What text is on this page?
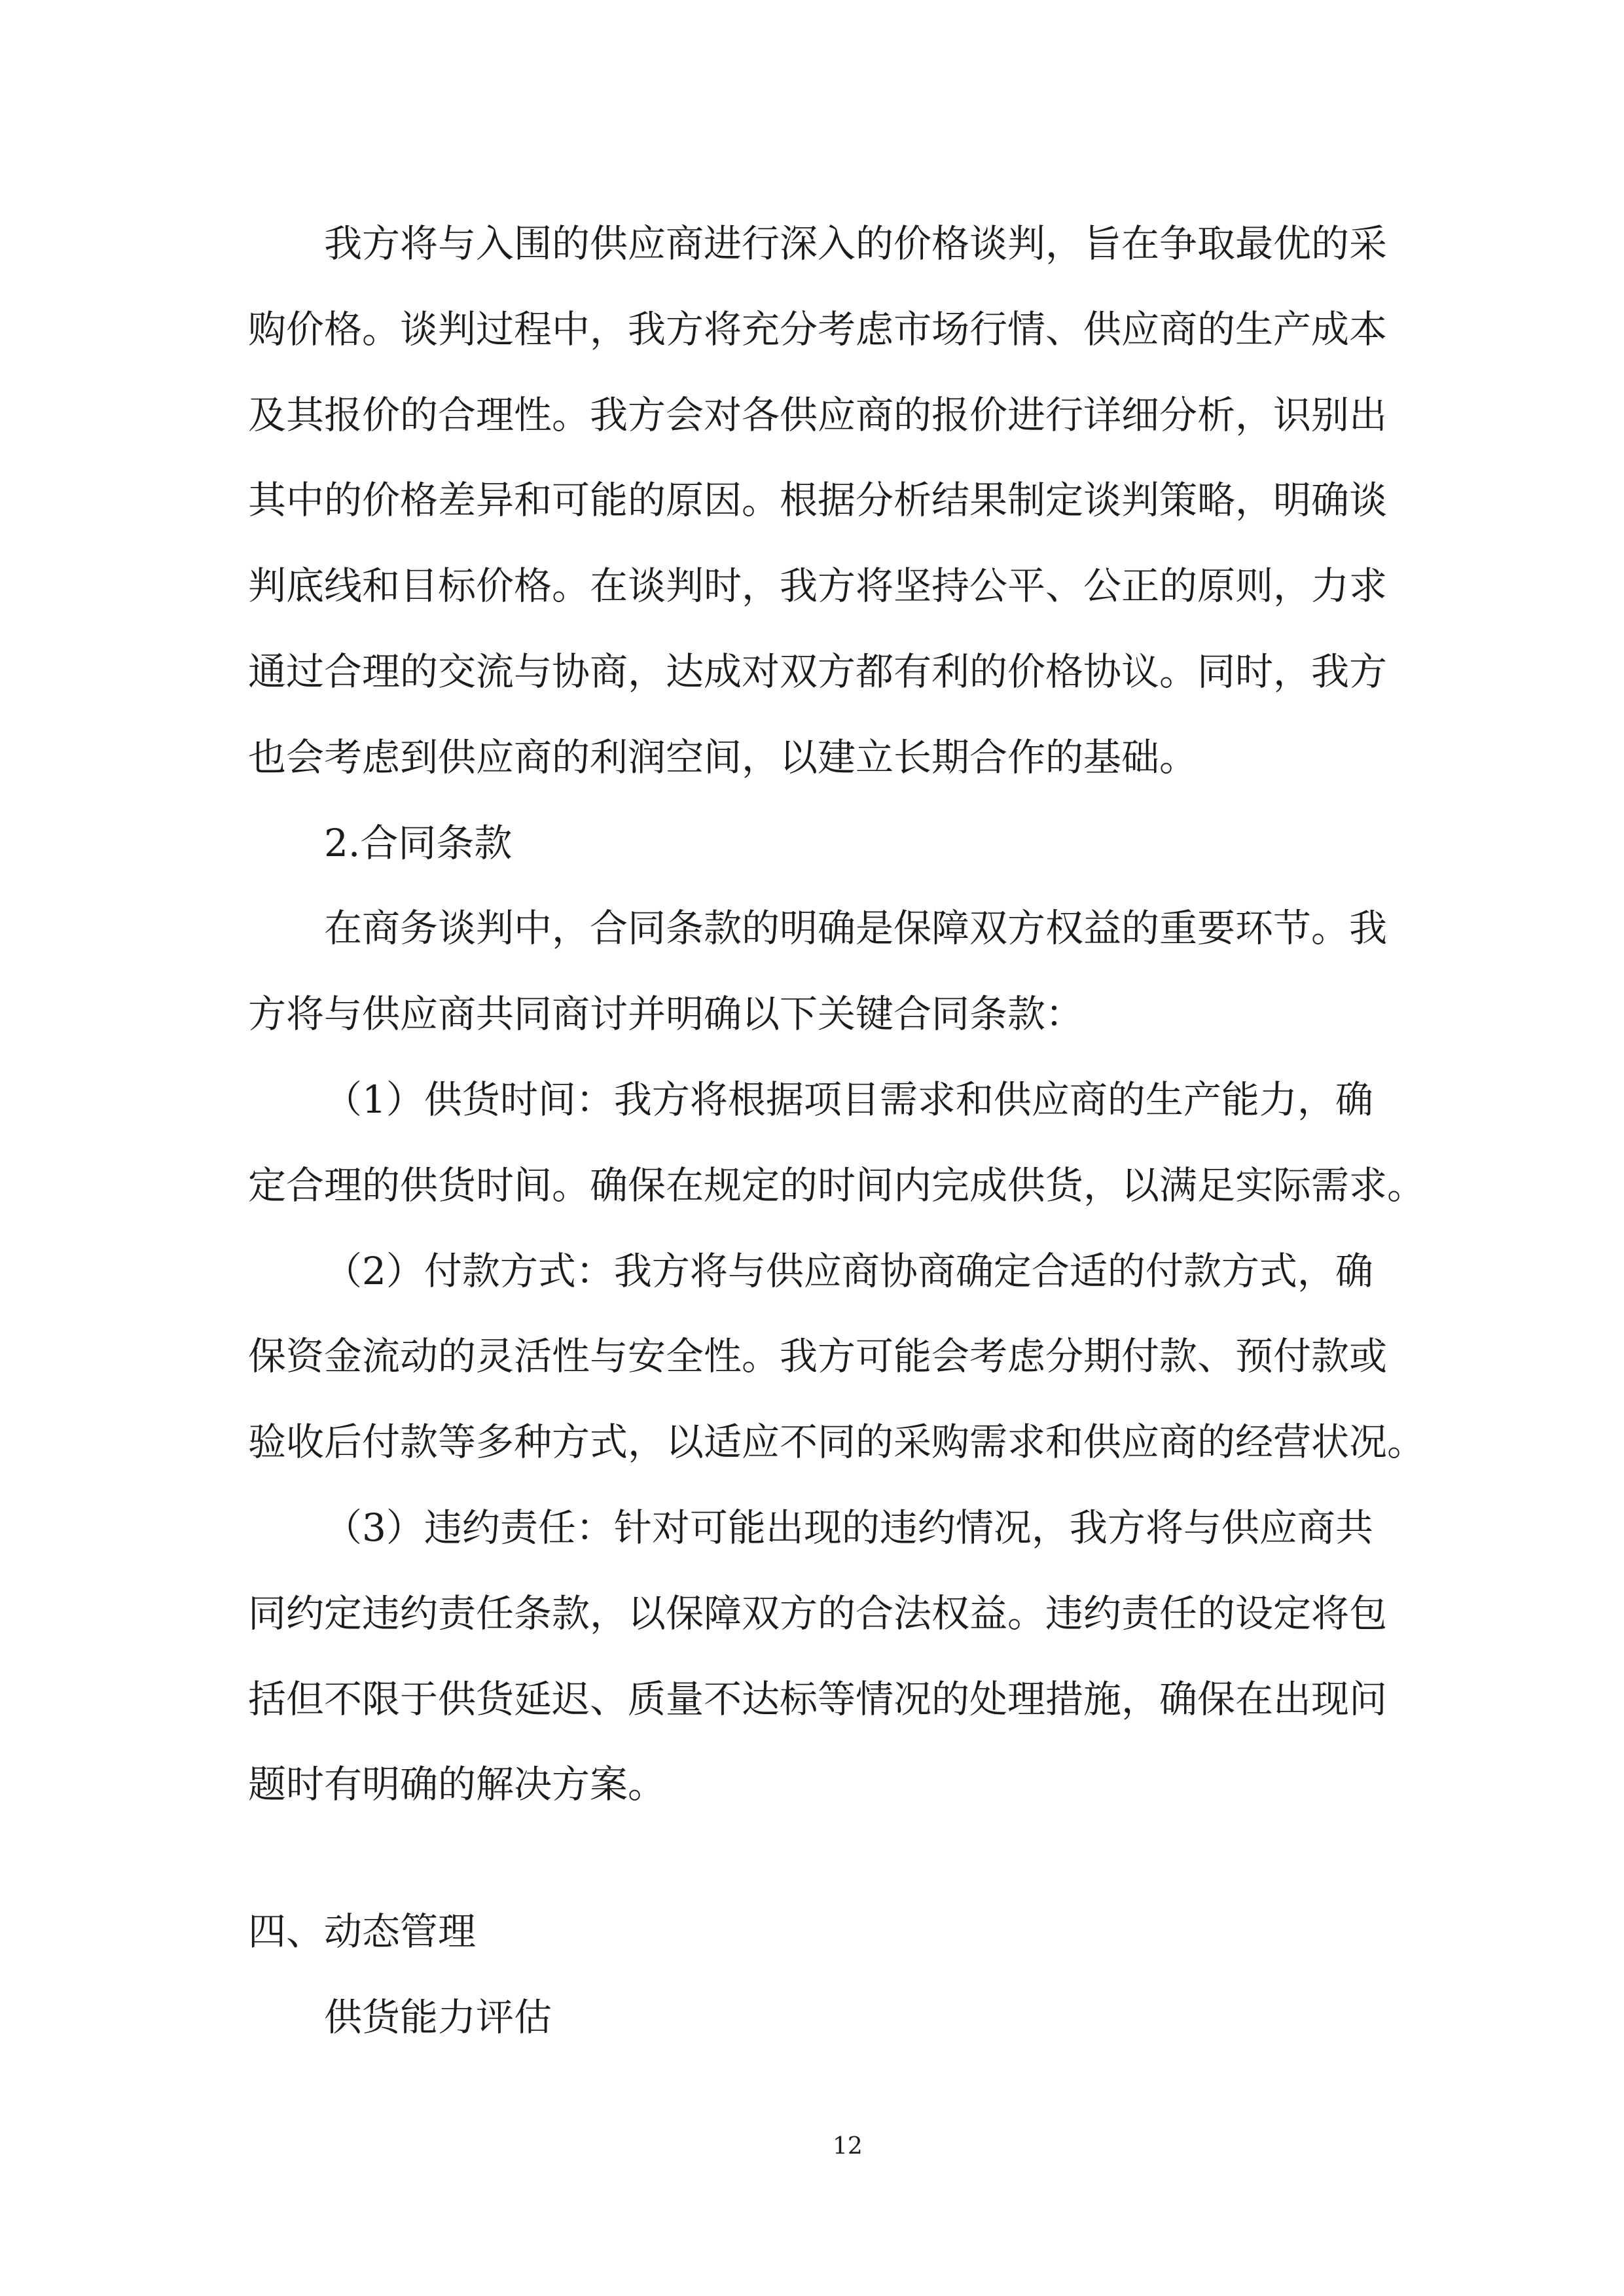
我方将与入围的供应商进行深入的价格谈判，旨在争取最优的采
购价格。谈判过程中，我方将充分考虑市场行情、供应商的生产成本
及其报价的合理性。我方会对各供应商的报价进行详细分析，识别出
其中的价格差异和可能的原因。根据分析结果制定谈判策略，明确谈
判底线和目标价格。在谈判时，我方将坚持公平、公正的原则，力求
通过合理的交流与协商，达成对双方都有利的价格协议。同时，我方
也会考虑到供应商的利润空间，以建立长期合作的基础。
2.合同条款
在商务谈判中，合同条款的明确是保障双方权益的重要环节。我
方将与供应商共同商讨并明确以下关键合同条款：
（1）供货时间：我方将根据项目需求和供应商的生产能力，确
定合理的供货时间。确保在规定的时间内完成供货，以满足实际需求。
（2）付款方式：我方将与供应商协商确定合适的付款方式，确
保资金流动的灵活性与安全性。我方可能会考虑分期付款、预付款或
验收后付款等多种方式，以适应不同的采购需求和供应商的经营状况。
（3）违约责任：针对可能出现的违约情况，我方将与供应商共
同约定违约责任条款，以保障双方的合法权益。违约责任的设定将包
括但不限于供货延迟、质量不达标等情况的处理措施，确保在出现问
题时有明确的解决方案。
四、动态管理
供货能力评估
12
